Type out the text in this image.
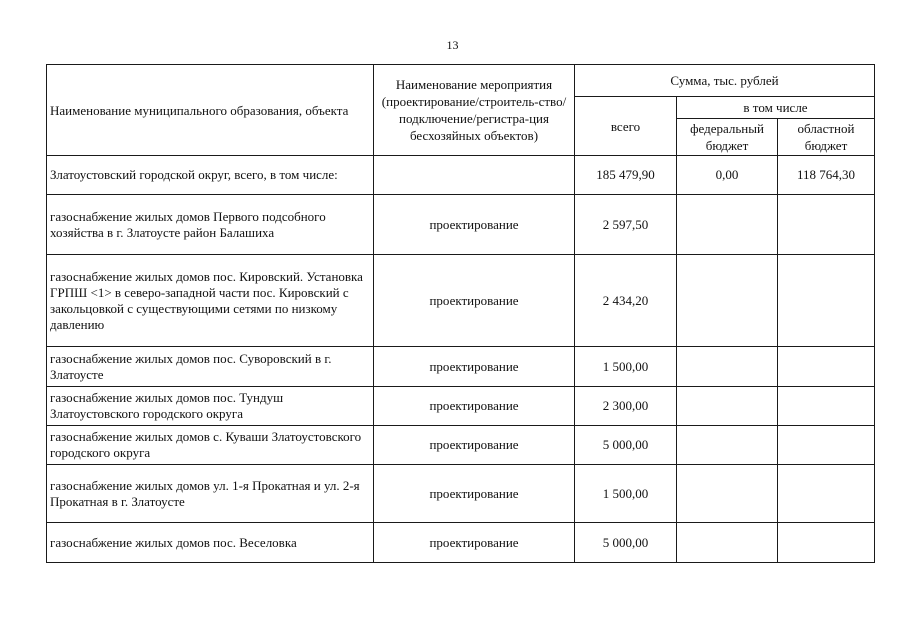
13
Наименование муниципального образования, объекта	Наименование мероприятия (проектирование/строитель-ство/подключение/регистра-ция бесхозяйных объектов)	Сумма, тыс. рублей		
		всего	в том числе	
			федеральный бюджет	областной бюджет
Златоустовский городской округ, всего, в том числе:		185 479,90	0,00	118 764,30
газоснабжение жилых домов Первого подсобного хозяйства в г. Златоусте район Балашиха	проектирование	2 597,50		
газоснабжение жилых домов пос. Кировский. Установка ГРПШ <1> в северо-западной части пос. Кировский с закольцовкой с существующими сетями по низкому давлению	проектирование	2 434,20		
газоснабжение жилых домов пос. Суворовский в г. Златоусте	проектирование	1 500,00		
газоснабжение жилых домов пос. Тундуш Златоустовского городского округа	проектирование	2 300,00		
газоснабжение жилых домов с. Куваши Златоустовского городского округа	проектирование	5 000,00		
газоснабжение жилых домов ул. 1-я Прокатная и ул. 2-я Прокатная в г. Златоусте	проектирование	1 500,00		
газоснабжение жилых домов пос. Веселовка	проектирование	5 000,00		
